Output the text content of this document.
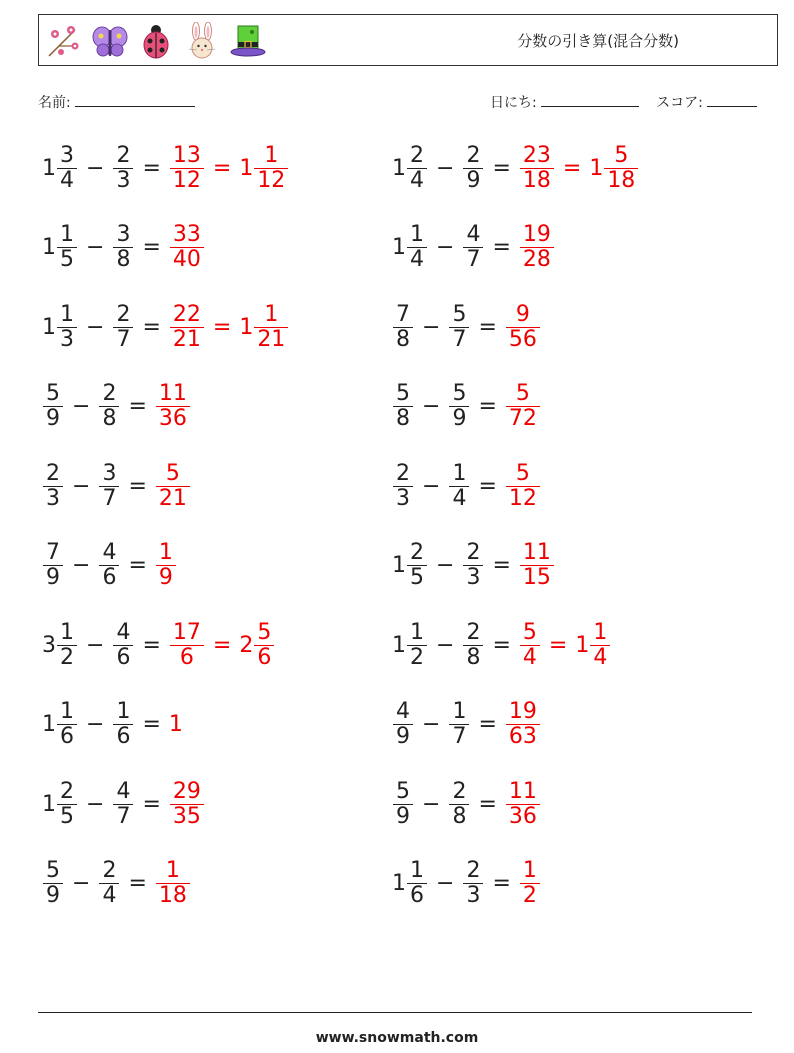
分数の引き算(混合分数)
名前:	日にち:	スコア:
$1 \frac{3}{4} - \frac{2}{3} = \frac{13}{12} = 1 \frac{1}{12}$
$1 \frac{1}{5} - \frac{3}{8} = \frac{33}{40}$
$1 \frac{1}{3} - \frac{2}{7} = \frac{22}{21} = 1 \frac{1}{21}$
$\frac{5}{9} - \frac{2}{8} = \frac{11}{36}$
$\frac{2}{3} - \frac{3}{7} = \frac{5}{21}$
$\frac{7}{9} - \frac{4}{6} = \frac{1}{9}$
$3 \frac{1}{2} - \frac{4}{6} = \frac{17}{6} = 2 \frac{5}{6}$
$1 \frac{1}{6} - \frac{1}{6} = 1$
$1 \frac{2}{5} - \frac{4}{7} = \frac{29}{35}$
$\frac{5}{9} - \frac{2}{4} = \frac{1}{18}$
$1 \frac{2}{4} - \frac{2}{9} = \frac{23}{18} = 1 \frac{5}{18}$
$1 \frac{1}{4} - \frac{4}{7} = \frac{19}{28}$
$\frac{7}{8} - \frac{5}{7} = \frac{9}{56}$
$\frac{5}{8} - \frac{5}{9} = \frac{5}{72}$
$\frac{2}{3} - \frac{1}{4} = \frac{5}{12}$
$1 \frac{2}{5} - \frac{2}{3} = \frac{11}{15}$
$1 \frac{1}{2} - \frac{2}{8} = \frac{5}{4} = 1 \frac{1}{4}$
$\frac{4}{9} - \frac{1}{7} = \frac{19}{63}$
$\frac{5}{9} - \frac{2}{8} = \frac{11}{36}$
$1 \frac{1}{6} - \frac{2}{3} = \frac{1}{2}$
www.snowmath.com
